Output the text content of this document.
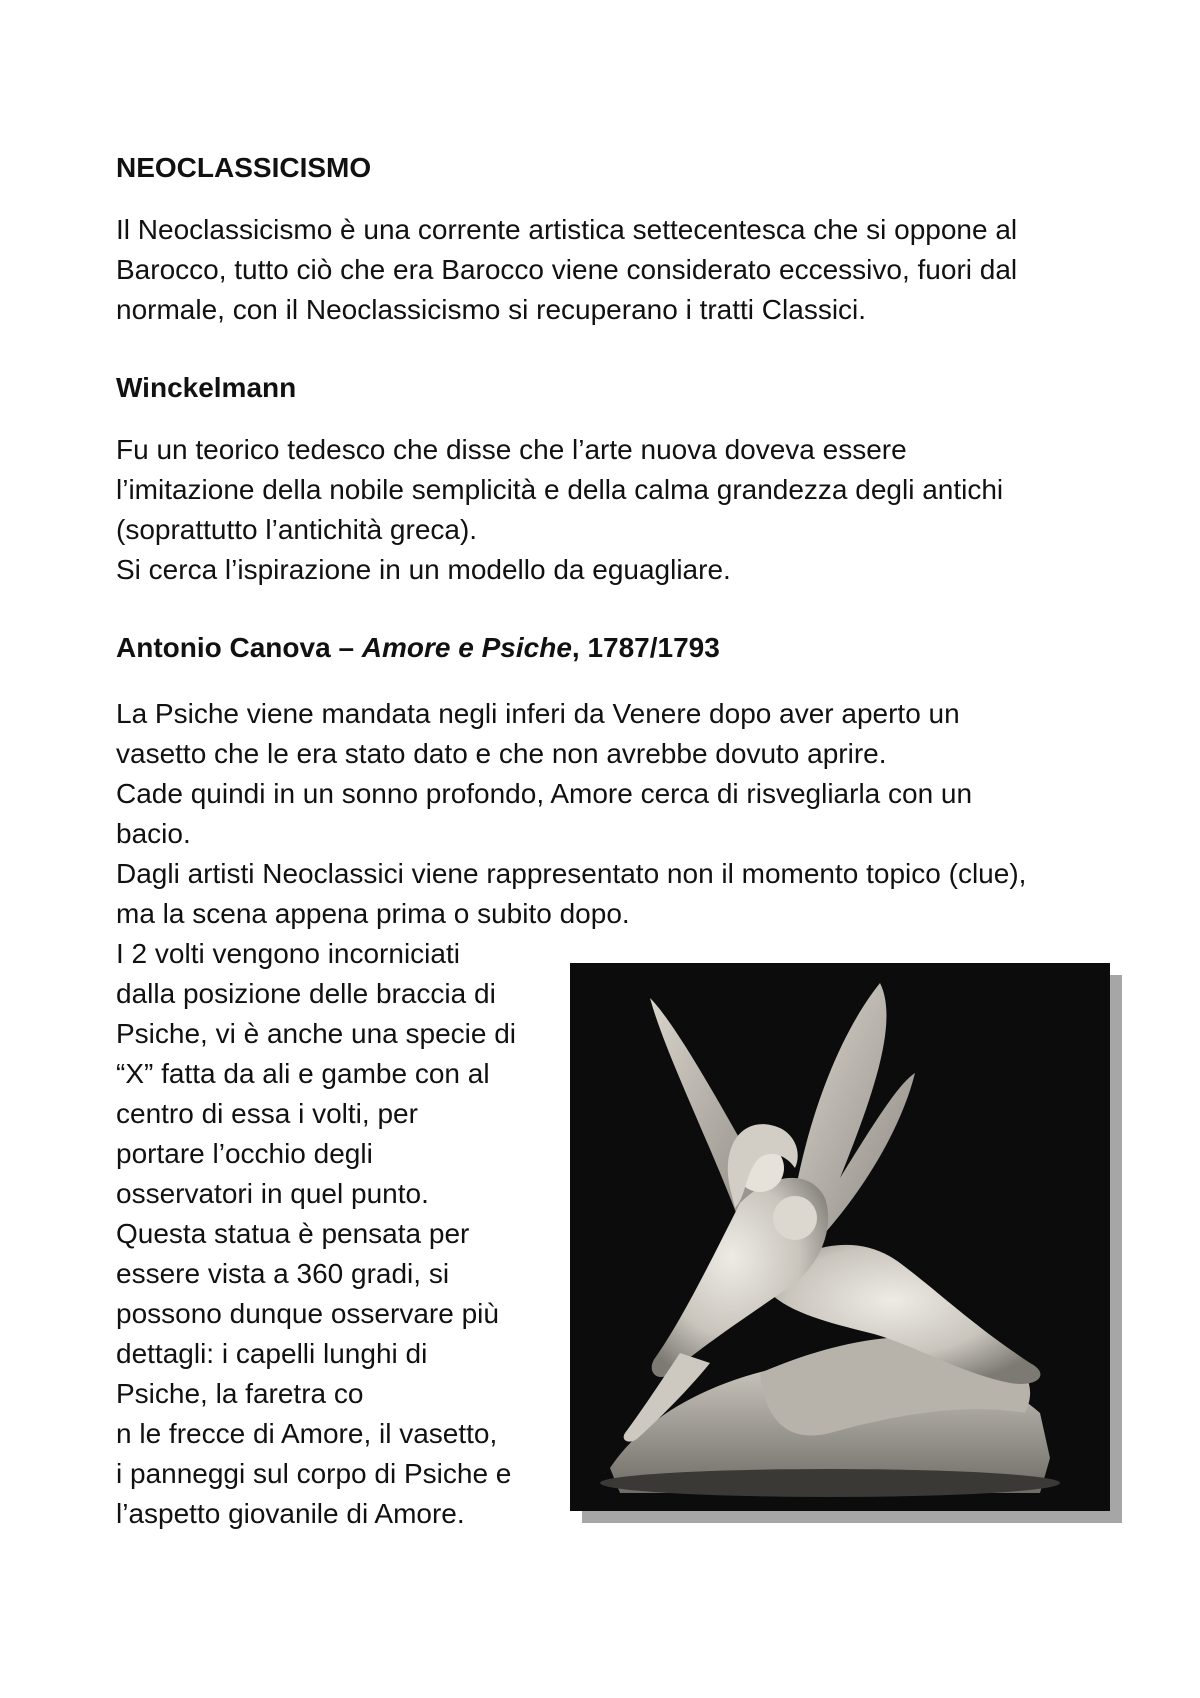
NEOCLASSICISMO
Il Neoclassicismo è una corrente artistica settecentesca che si oppone al
Barocco, tutto ciò che era Barocco viene considerato eccessivo, fuori dal
normale, con il Neoclassicismo si recuperano i tratti Classici.
Winckelmann
Fu un teorico tedesco che disse che l’arte nuova doveva essere
l’imitazione della nobile semplicità e della calma grandezza degli antichi
(soprattutto l’antichità greca).
Si cerca l’ispirazione in un modello da eguagliare.
Antonio Canova – Amore e Psiche, 1787/1793
La Psiche viene mandata negli inferi da Venere dopo aver aperto un
vasetto che le era stato dato e che non avrebbe dovuto aprire.
Cade quindi in un sonno profondo, Amore cerca di risvegliarla con un
bacio.
Dagli artisti Neoclassici viene rappresentato non il momento topico (clue),
ma la scena appena prima o subito dopo.
I 2 volti vengono incorniciati
dalla posizione delle braccia di
Psiche, vi è anche una specie di
“X” fatta da ali e gambe con al
centro di essa i volti, per
portare l’occhio degli
osservatori in quel punto.
Questa statua è pensata per
essere vista a 360 gradi, si
possono dunque osservare più
dettagli: i capelli lunghi di
Psiche, la faretra co
n le frecce di Amore, il vasetto,
i panneggi sul corpo di Psiche e
l’aspetto giovanile di Amore.
